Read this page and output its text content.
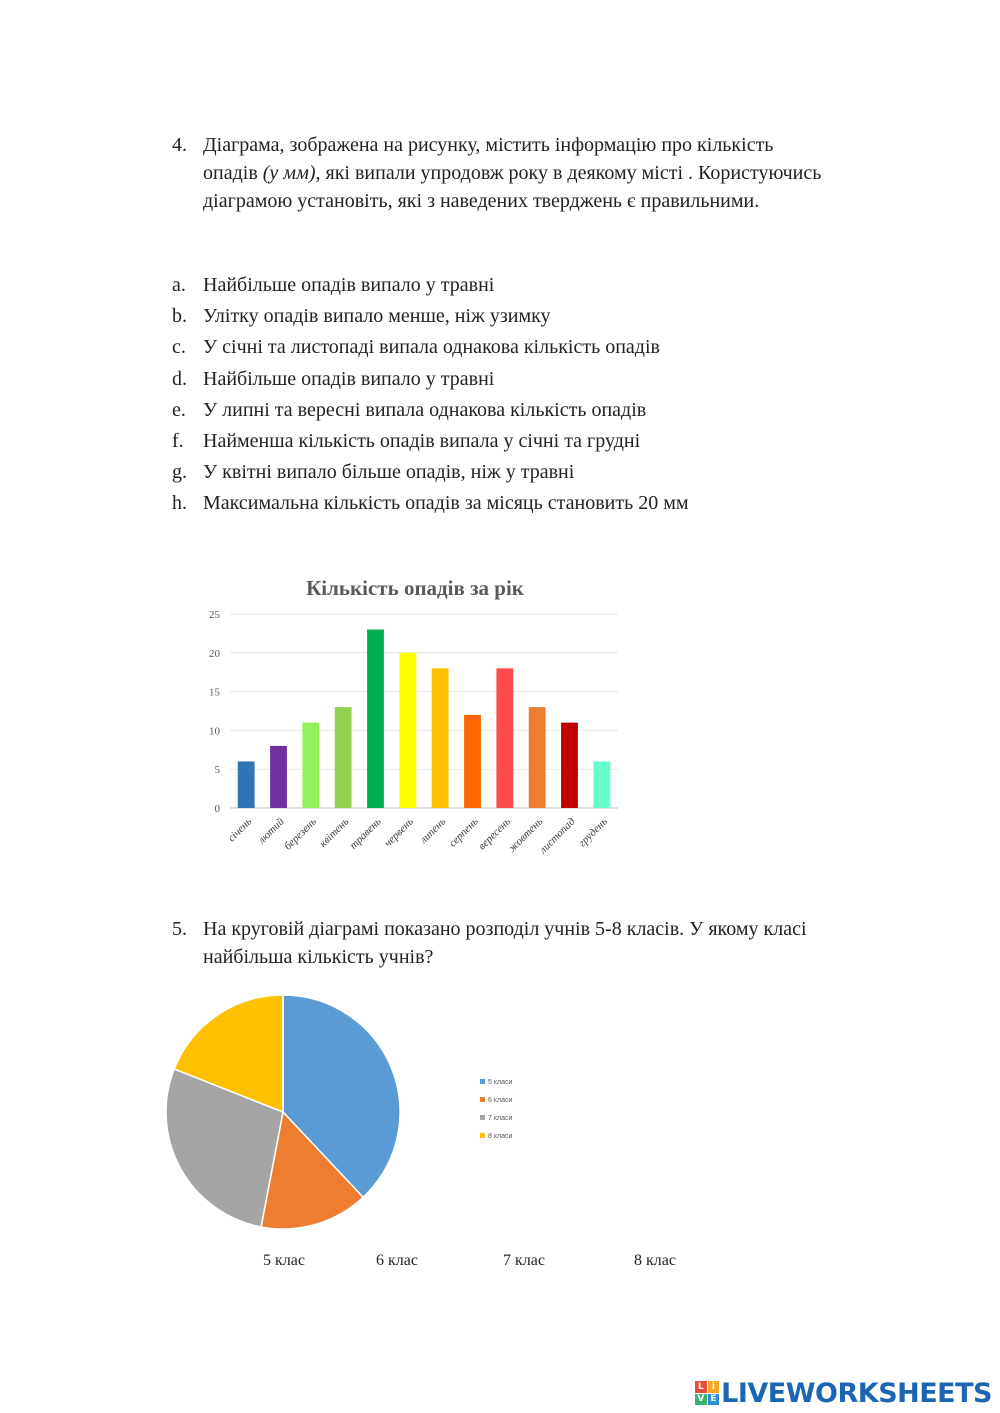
4. Діаграма, зображена на рисунку, містить інформацію про кількість
опадів (у мм), які випали упродовж року в деякому місті . Користуючись
діаграмою установіть, які з наведених тверджень є правильними.
a. Найбільше опадів випало у травні
b. Улітку опадів випало менше, ніж узимку
c. У січні та листопаді випала однакова кількість опадів
d. Найбільше опадів випало у травні
e. У липні та вересні випала однакова кількість опадів
f. Найменша кількість опадів випала у січні та грудні
g. У квітні випало більше опадів, ніж у травні
h. Максимальна кількість опадів за місяць становить 20 мм
Кількість опадів за рік
0
5
10
15
20
25
січень лютий
березень
квітень
травень
червень липень
серпень
вересень
жовтень
листопад
грудень
5. На круговій діаграмі показано розподіл учнів 5-8 класів. У якому класі
найбільша кількість учнів?
5 класи
6 класи
7 класи
8 класи
5 клас	6 клас	7 клас	8 клас
L i
V E LIVEWORKSHEETS
